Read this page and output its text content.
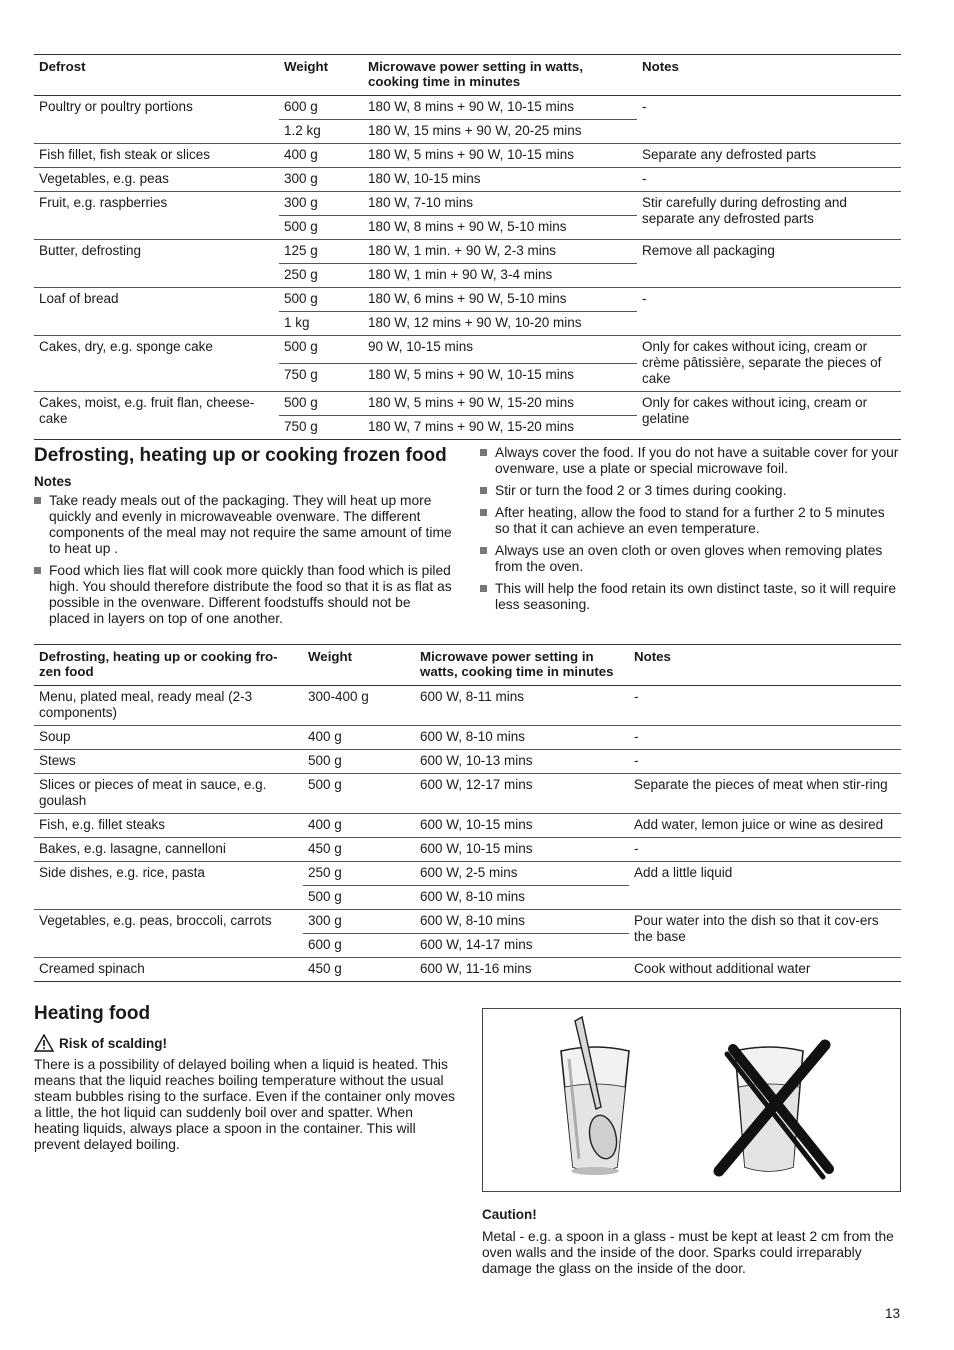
Defrost	Weight	Microwave power setting in watts, cooking time in minutes	Notes
Poultry or poultry portions	600 g	180 W, 8 mins + 90 W, 10-15 mins	-
	1.2 kg	180 W, 15 mins + 90 W, 20-25 mins	
Fish fillet, fish steak or slices	400 g	180 W, 5 mins + 90 W, 10-15 mins	Separate any defrosted parts
Vegetables, e.g. peas	300 g	180 W, 10-15 mins	-
Fruit, e.g. raspberries	300 g	180 W, 7-10 mins	Stir carefully during defrosting and separate any defrosted parts
	500 g	180 W, 8 mins + 90 W, 5-10 mins	
Butter, defrosting	125 g	180 W, 1 min. + 90 W, 2-3 mins	Remove all packaging
	250 g	180 W, 1 min + 90 W, 3-4 mins	
Loaf of bread	500 g	180 W, 6 mins + 90 W, 5-10 mins	-
	1 kg	180 W, 12 mins + 90 W, 10-20 mins	
Cakes, dry, e.g. sponge cake	500 g	90 W, 10-15 mins	Only for cakes without icing, cream or crème pâtissière, separate the pieces of cake
	750 g	180 W, 5 mins + 90 W, 10-15 mins	
Cakes, moist, e.g. fruit flan, cheese-cake	500 g	180 W, 5 mins + 90 W, 15-20 mins	Only for cakes without icing, cream or gelatine
	750 g	180 W, 7 mins + 90 W, 15-20 mins	
Defrosting, heating up or cooking frozen food
Notes
Take ready meals out of the packaging. They will heat up more quickly and evenly in microwaveable ovenware. The different components of the meal may not require the same amount of time to heat up .
Food which lies flat will cook more quickly than food which is piled high. You should therefore distribute the food so that it is as flat as possible in the ovenware. Different foodstuffs should not be placed in layers on top of one another.
Always cover the food. If you do not have a suitable cover for your ovenware, use a plate or special microwave foil.
Stir or turn the food 2 or 3 times during cooking.
After heating, allow the food to stand for a further 2 to 5 minutes so that it can achieve an even temperature.
Always use an oven cloth or oven gloves when removing plates from the oven.
This will help the food retain its own distinct taste, so it will require less seasoning.
Defrosting, heating up or cooking fro-zen food	Weight	Microwave power setting in watts, cooking time in minutes	Notes
Menu, plated meal, ready meal (2-3 components)	300-400 g	600 W, 8-11 mins	-
Soup	400 g	600 W, 8-10 mins	-
Stews	500 g	600 W, 10-13 mins	-
Slices or pieces of meat in sauce, e.g. goulash	500 g	600 W, 12-17 mins	Separate the pieces of meat when stir-ring
Fish, e.g. fillet steaks	400 g	600 W, 10-15 mins	Add water, lemon juice or wine as desired
Bakes, e.g. lasagne, cannelloni	450 g	600 W, 10-15 mins	-
Side dishes, e.g. rice, pasta	250 g	600 W, 2-5 mins	Add a little liquid
	500 g	600 W, 8-10 mins	
Vegetables, e.g. peas, broccoli, carrots	300 g	600 W, 8-10 mins	Pour water into the dish so that it cov-ers the base
	600 g	600 W, 14-17 mins	
Creamed spinach	450 g	600 W, 11-16 mins	Cook without additional water
Heating food
Risk of scalding!
There is a possibility of delayed boiling when a liquid is heated. This means that the liquid reaches boiling temperature without the usual steam bubbles rising to the surface. Even if the container only moves a little, the hot liquid can suddenly boil over and spatter. When heating liquids, always place a spoon in the container. This will prevent delayed boiling.
Caution!
Metal - e.g. a spoon in a glass - must be kept at least 2 cm from the oven walls and the inside of the door. Sparks could irreparably damage the glass on the inside of the door.
13
